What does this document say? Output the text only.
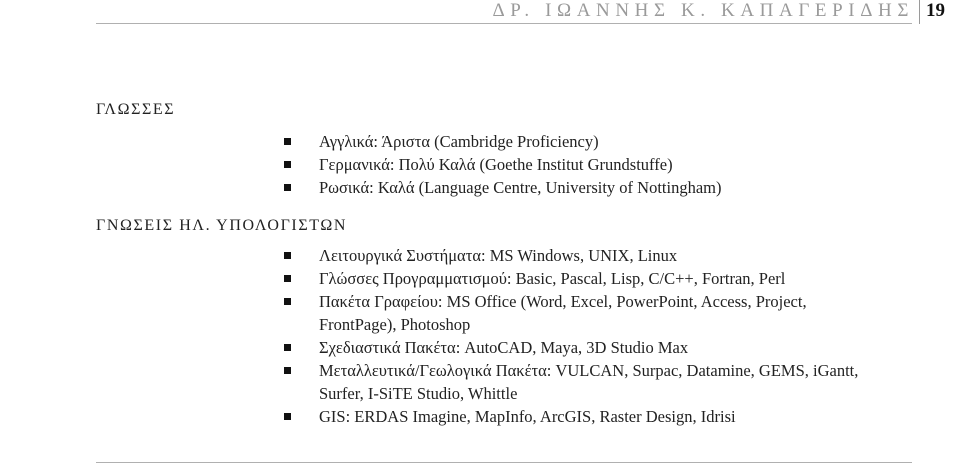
ΔΡ. ΙΩΑΝΝΗΣ Κ. ΚΑΠΑΓΕΡΙΔΗΣ 19
ΓΛΩΣΣΕΣ
Αγγλικά: Άριστα (Cambridge Proficiency)
Γερμανικά: Πολύ Καλά (Goethe Institut Grundstuffe)
Ρωσικά: Καλά (Language Centre, University of Nottingham)
ΓΝΩΣΕΙΣ ΗΛ. ΥΠΟΛΟΓΙΣΤΩΝ
Λειτουργικά Συστήματα: MS Windows, UNIX, Linux
Γλώσσες Προγραμματισμού: Basic, Pascal, Lisp, C/C++, Fortran, Perl
Πακέτα Γραφείου: MS Office (Word, Excel, PowerPoint, Access, Project, FrontPage), Photoshop
Σχεδιαστικά Πακέτα: AutoCAD, Maya, 3D Studio Max
Μεταλλευτικά/Γεωλογικά Πακέτα: VULCAN, Surpac, Datamine, GEMS, iGantt, Surfer, I-SiTE Studio, Whittle
GIS: ERDAS Imagine, MapInfo, ArcGIS, Raster Design, Idrisi
